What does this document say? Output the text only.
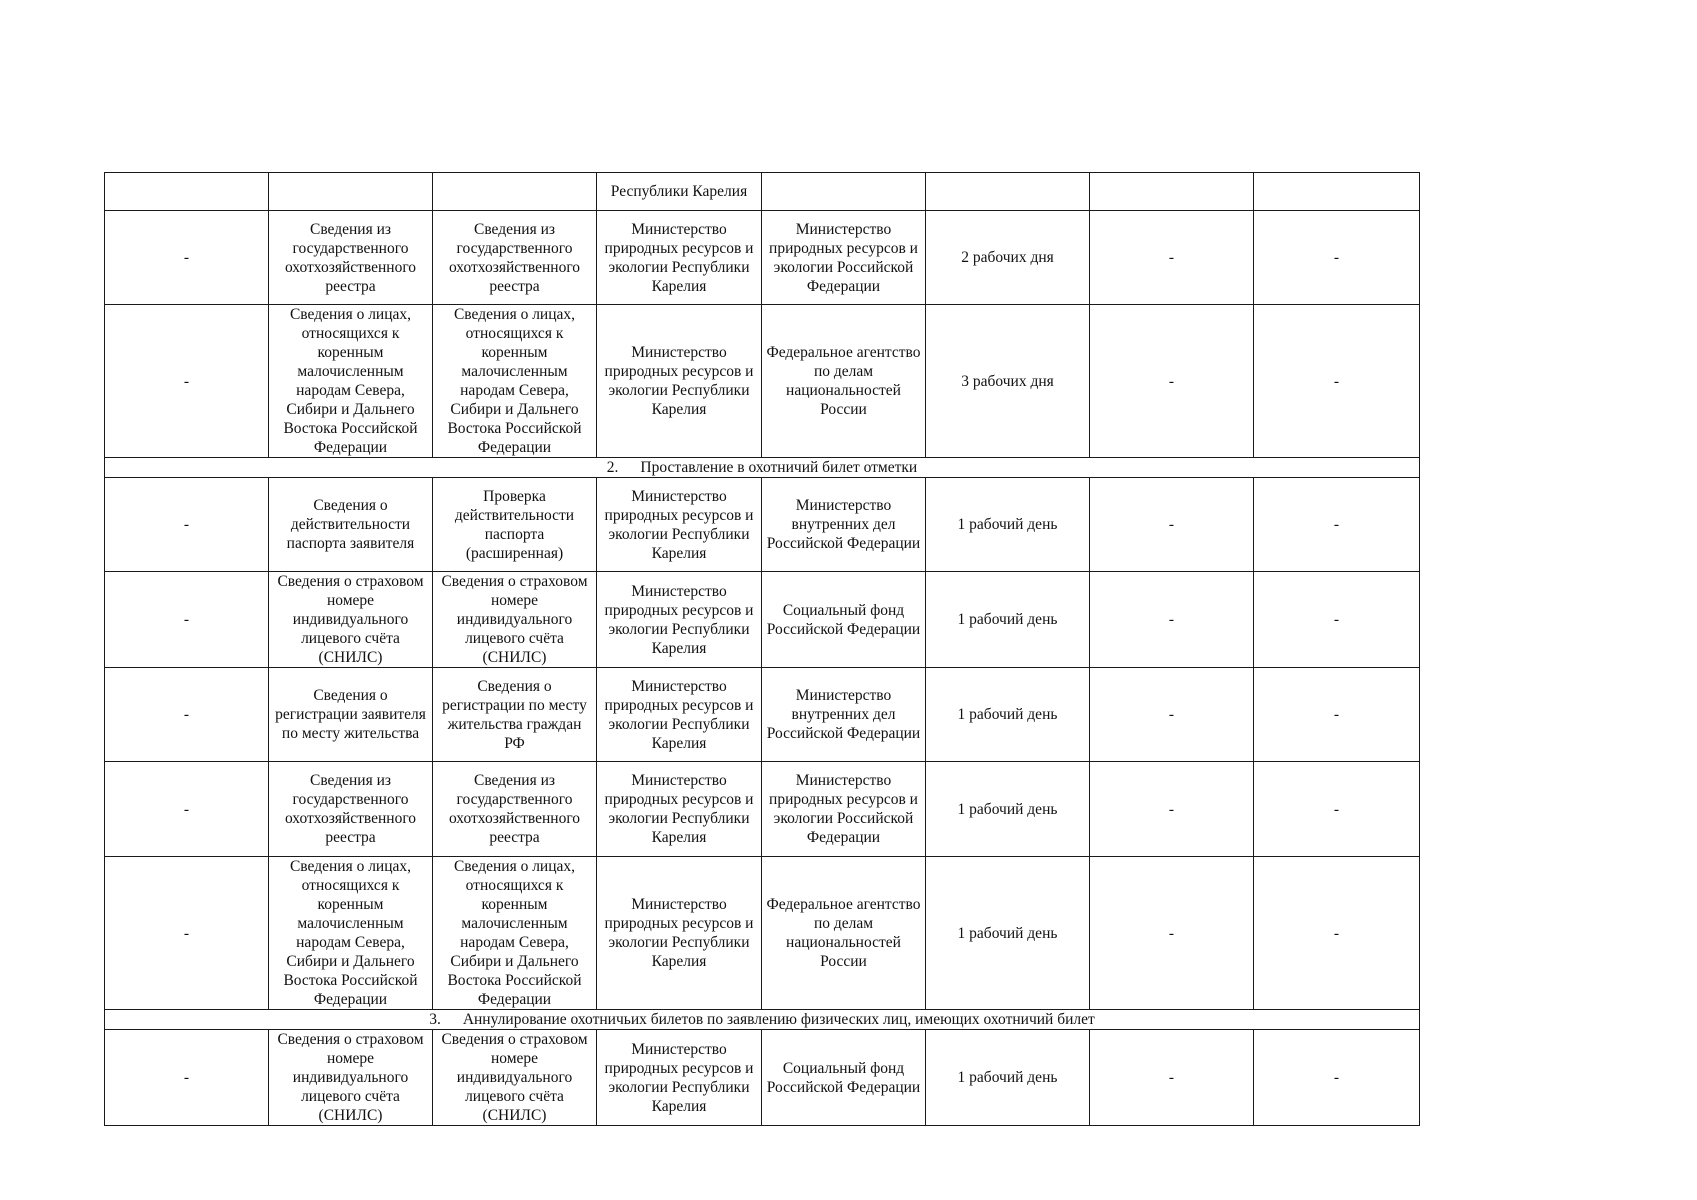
			Республики Карелия				
-	Сведения из государственного охотхозяйственного реестра	Сведения из государственного охотхозяйственного реестра	Министерство природных ресурсов и экологии Республики Карелия	Министерство природных ресурсов и экологии Российской Федерации	2 рабочих дня	-	-
-	Сведения о лицах, относящихся к коренным малочисленным народам Севера, Сибири и Дальнего Востока Российской Федерации	Сведения о лицах, относящихся к коренным малочисленным народам Севера, Сибири и Дальнего Востока Российской Федерации	Министерство природных ресурсов и экологии Республики Карелия	Федеральное агентство по делам национальностей России	3 рабочих дня	-	-
2. Проставление в охотничий билет отметки							
-	Сведения о действительности паспорта заявителя	Проверка действительности паспорта (расширенная)	Министерство природных ресурсов и экологии Республики Карелия	Министерство внутренних дел Российской Федерации	1 рабочий день	-	-
-	Сведения о страховом номере индивидуального лицевого счёта (СНИЛС)	Сведения о страховом номере индивидуального лицевого счёта (СНИЛС)	Министерство природных ресурсов и экологии Республики Карелия	Социальный фонд Российской Федерации	1 рабочий день	-	-
-	Сведения о регистрации заявителя по месту жительства	Сведения о регистрации по месту жительства граждан РФ	Министерство природных ресурсов и экологии Республики Карелия	Министерство внутренних дел Российской Федерации	1 рабочий день	-	-
-	Сведения из государственного охотхозяйственного реестра	Сведения из государственного охотхозяйственного реестра	Министерство природных ресурсов и экологии Республики Карелия	Министерство природных ресурсов и экологии Российской Федерации	1 рабочий день	-	-
-	Сведения о лицах, относящихся к коренным малочисленным народам Севера, Сибири и Дальнего Востока Российской Федерации	Сведения о лицах, относящихся к коренным малочисленным народам Севера, Сибири и Дальнего Востока Российской Федерации	Министерство природных ресурсов и экологии Республики Карелия	Федеральное агентство по делам национальностей России	1 рабочий день	-	-
3. Аннулирование охотничьих билетов по заявлению физических лиц, имеющих охотничий билет							
-	Сведения о страховом номере индивидуального лицевого счёта (СНИЛС)	Сведения о страховом номере индивидуального лицевого счёта (СНИЛС)	Министерство природных ресурсов и экологии Республики Карелия	Социальный фонд Российской Федерации	1 рабочий день	-	-
